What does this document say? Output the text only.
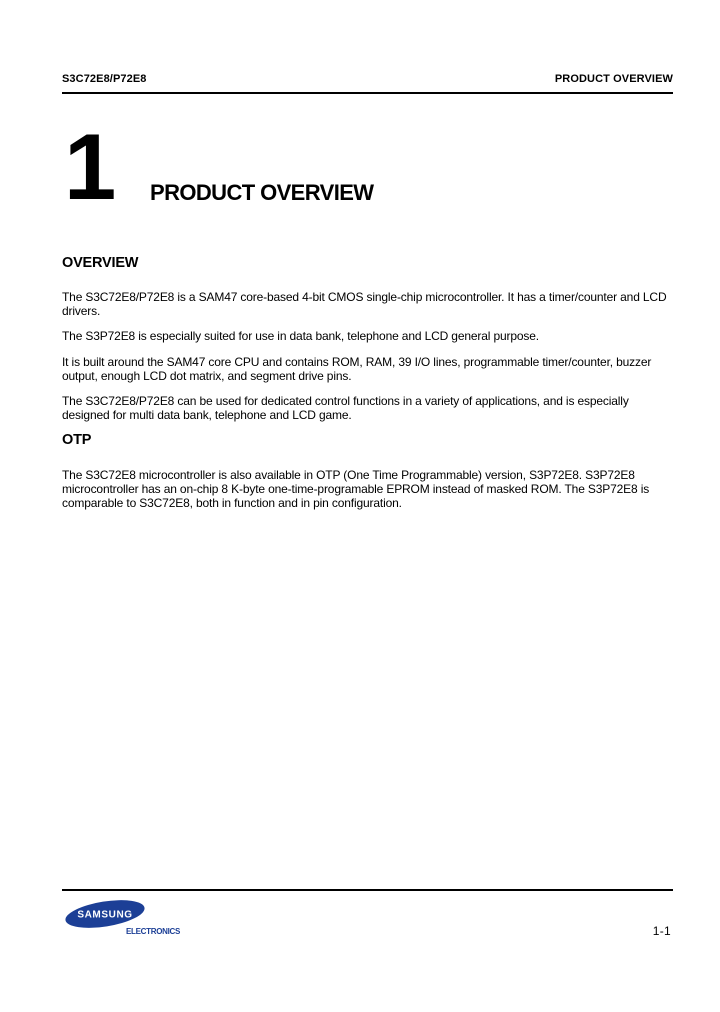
S3C72E8/P72E8	PRODUCT OVERVIEW
1 PRODUCT OVERVIEW
OVERVIEW

The S3C72E8/P72E8 is a SAM47 core-based 4-bit CMOS single-chip microcontroller. It has a timer/counter and LCD drivers.

The S3P72E8 is especially suited for use in data bank, telephone and LCD general purpose.

It is built around the SAM47 core CPU and contains ROM, RAM, 39 I/O lines, programmable timer/counter, buzzer output, enough LCD dot matrix, and segment drive pins.

The S3C72E8/P72E8 can be used for dedicated control functions in a variety of applications, and is especially designed for multi data bank, telephone and LCD game.

OTP

The S3C72E8 microcontroller is also available in OTP (One Time Programmable) version, S3P72E8. S3P72E8 microcontroller has an on-chip 8 K-byte one-time-programable EPROM instead of masked ROM. The S3P72E8 is comparable to S3C72E8, both in function and in pin configuration.

SAMSUNG
ELECTRONICS	1-1
